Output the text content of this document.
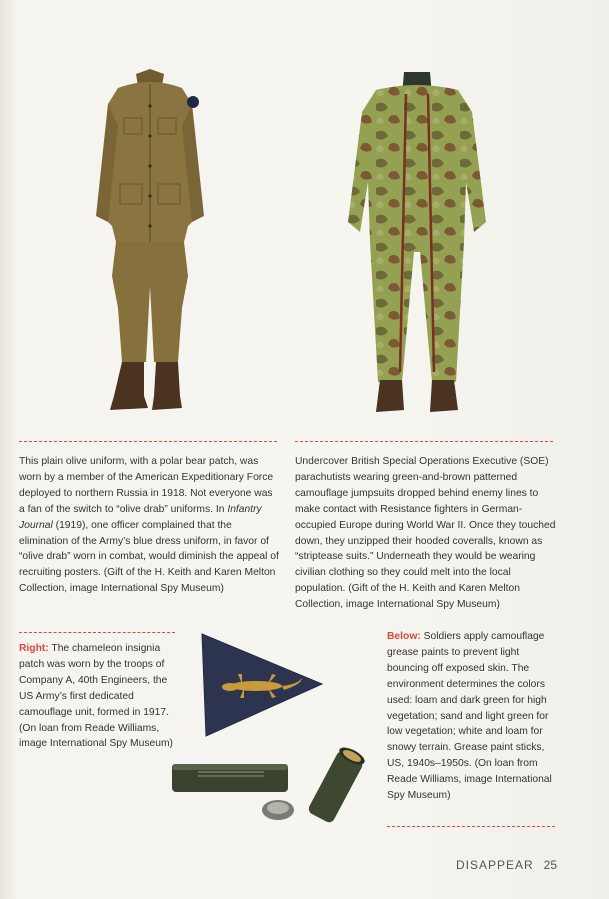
This plain olive uniform, with a polar bear patch, was worn by a member of the American Expeditionary Force deployed to northern Russia in 1918. Not everyone was a fan of the switch to “olive drab” uniforms. In Infantry Journal (1919), one officer complained that the elimination of the Army’s blue dress uniform, in favor of “olive drab” worn in combat, would diminish the appeal of recruiting posters. (Gift of the H. Keith and Karen Melton Collection, image International Spy Museum)

Undercover British Special Operations Executive (SOE) parachutists wearing green-and-brown patterned camouflage jumpsuits dropped behind enemy lines to make contact with Resistance fighters in German-occupied Europe during World War II. Once they touched down, they unzipped their hooded coveralls, known as “striptease suits.” Underneath they would be wearing civilian clothing so they could melt into the local population. (Gift of the H. Keith and Karen Melton Collection, image International Spy Museum)

Right: The chameleon insignia patch was worn by the troops of Company A, 40th Engineers, the US Army’s first dedicated camouflage unit, formed in 1917. (On loan from Reade Williams, image International Spy Museum)

Below: Soldiers apply camouflage grease paints to prevent light bouncing off exposed skin. The environment determines the colors used: loam and dark green for high vegetation; sand and light green for low vegetation; white and loam for snowy terrain. Grease paint sticks, US, 1940s–1950s. (On loan from Reade Williams, image International Spy Museum)

DISAPPEAR 25
